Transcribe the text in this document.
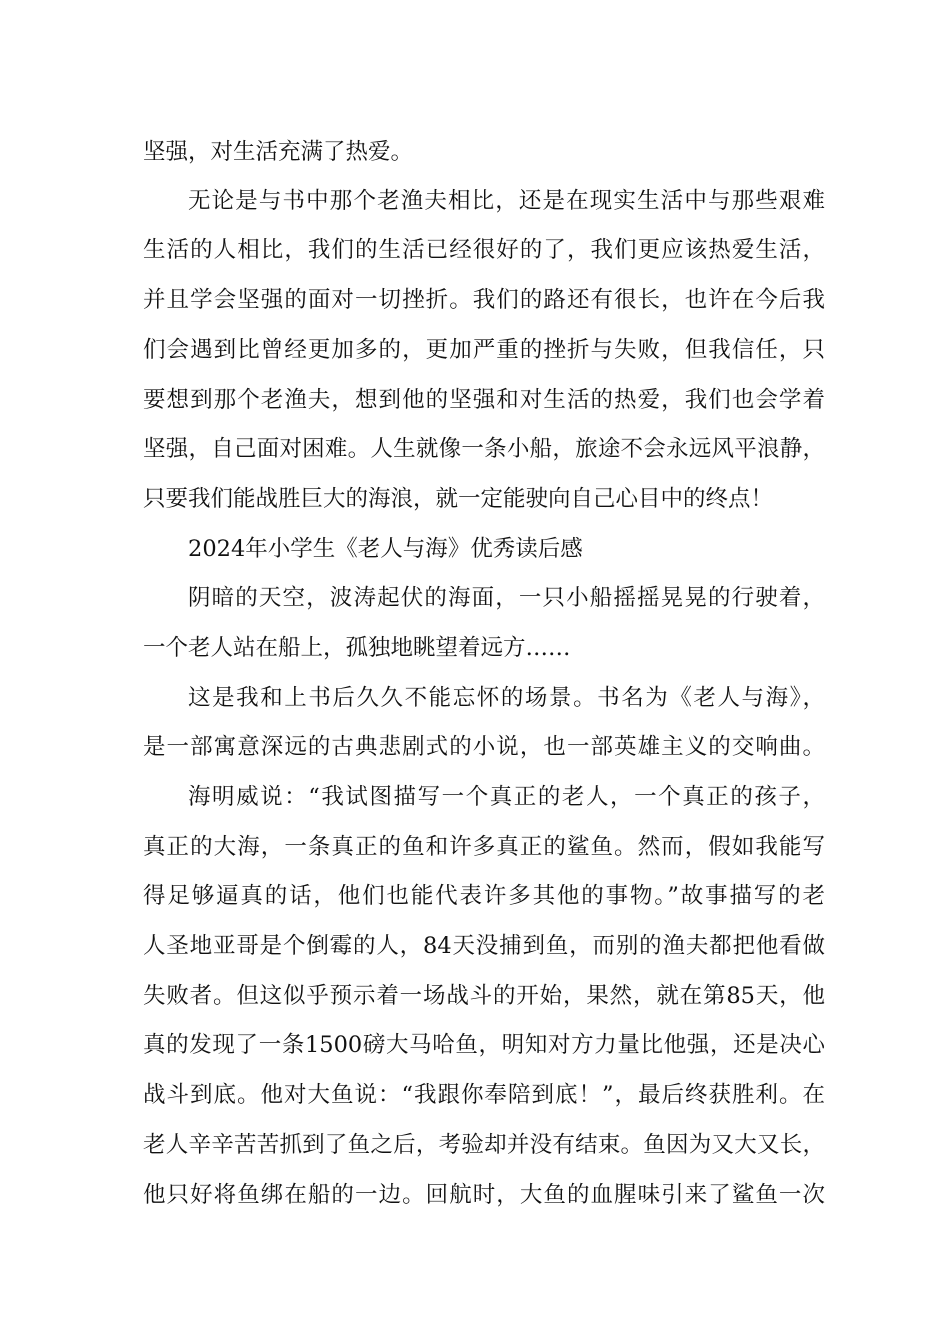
坚强，对生活充满了热爱。
无论是与书中那个老渔夫相比，还是在现实生活中与那些艰难
生活的人相比，我们的生活已经很好的了，我们更应该热爱生活，
并且学会坚强的面对一切挫折。我们的路还有很长，也许在今后我
们会遇到比曾经更加多的，更加严重的挫折与失败，但我信任，只
要想到那个老渔夫，想到他的坚强和对生活的热爱，我们也会学着
坚强，自己面对困难。人生就像一条小船，旅途不会永远风平浪静，
只要我们能战胜巨大的海浪，就一定能驶向自己心目中的终点！
2024年小学生《老人与海》优秀读后感
阴暗的天空，波涛起伏的海面，一只小船摇摇晃晃的行驶着，
一个老人站在船上，孤独地眺望着远方……
这是我和上书后久久不能忘怀的场景。书名为《老人与海》，
是一部寓意深远的古典悲剧式的小说，也一部英雄主义的交响曲。
海明威说：“我试图描写一个真正的老人，一个真正的孩子，
真正的大海，一条真正的鱼和许多真正的鲨鱼。然而，假如我能写
得足够逼真的话，他们也能代表许多其他的事物。”故事描写的老
人圣地亚哥是个倒霉的人，84天没捕到鱼，而别的渔夫都把他看做
失败者。但这似乎预示着一场战斗的开始，果然，就在第85天，他
真的发现了一条1500磅大马哈鱼，明知对方力量比他强，还是决心
战斗到底。他对大鱼说：“我跟你奉陪到底！”，最后终获胜利。在
老人辛辛苦苦抓到了鱼之后，考验却并没有结束。鱼因为又大又长，
他只好将鱼绑在船的一边。回航时，大鱼的血腥味引来了鲨鱼一次
